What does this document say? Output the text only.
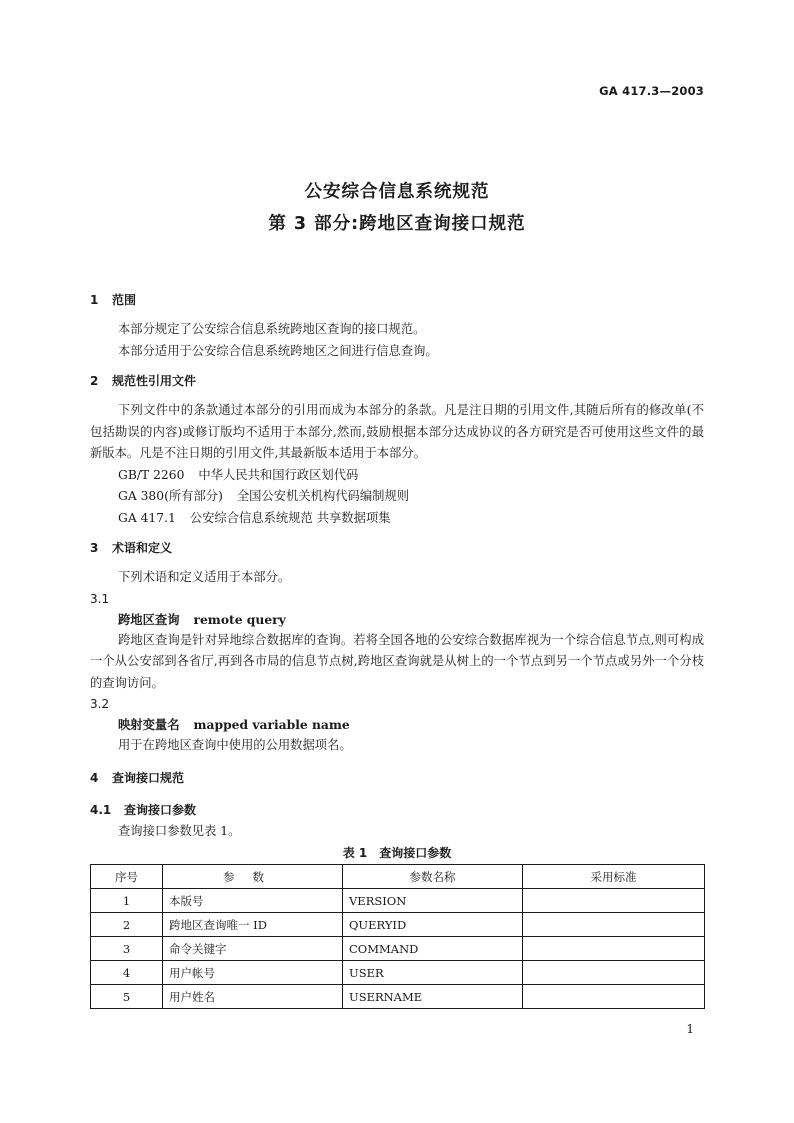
GA 417.3—2003
公安综合信息系统规范
第 3 部分:跨地区查询接口规范
1 范围

本部分规定了公安综合信息系统跨地区查询的接口规范。

本部分适用于公安综合信息系统跨地区之间进行信息查询。

2 规范性引用文件

下列文件中的条款通过本部分的引用而成为本部分的条款。凡是注日期的引用文件,其随后所有的修改单(不包括勘误的内容)或修订版均不适用于本部分,然而,鼓励根据本部分达成协议的各方研究是否可使用这些文件的最新版本。凡是不注日期的引用文件,其最新版本适用于本部分。

GB/T 2260 中华人民共和国行政区划代码
GA 380(所有部分) 全国公安机关机构代码编制规则
GA 417.1 公安综合信息系统规范 共享数据项集
3 术语和定义

下列术语和定义适用于本部分。

3.1
跨地区查询 remote query

跨地区查询是针对异地综合数据库的查询。若将全国各地的公安综合数据库视为一个综合信息节点,则可构成一个从公安部到各省厅,再到各市局的信息节点树,跨地区查询就是从树上的一个节点到另一个节点或另外一个分枝的查询访问。

3.2
映射变量名 mapped variable name

用于在跨地区查询中使用的公用数据项名。

4 查询接口规范
4.1 查询接口参数

查询接口参数见表 1。

表 1 查询接口参数
序号	参数	参数名称	采用标准
1	本版号	VERSION	
2	跨地区查询唯一 ID	QUERYID	
3	命令关键字	COMMAND	
4	用户帐号	USER	
5	用户姓名	USERNAME	
1
